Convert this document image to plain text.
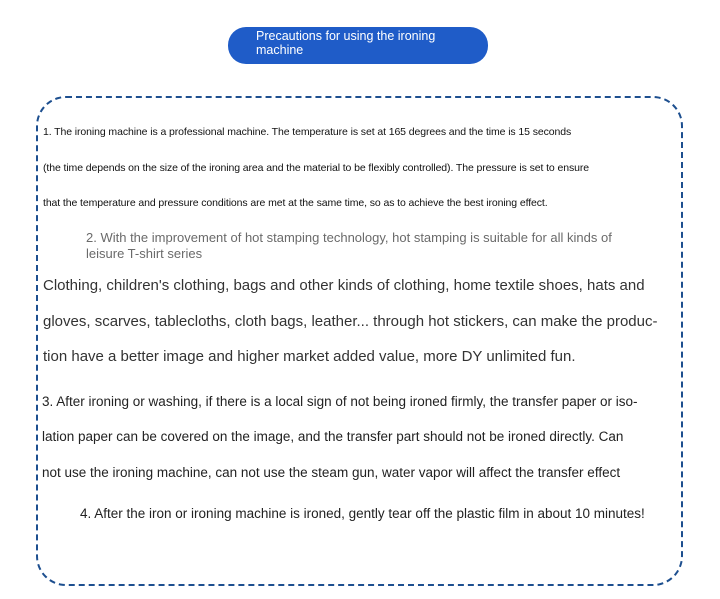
Precautions for using the ironing
machine

1. The ironing machine is a professional machine. The temperature is set at 165 degrees and the time is 15 seconds

(the time depends on the size of the ironing area and the material to be flexibly controlled). The pressure is set to ensure

that the temperature and pressure conditions are met at the same time, so as to achieve the best ironing effect.

2. With the improvement of hot stamping technology, hot stamping is suitable for all kinds of

leisure T-shirt series

Clothing, children's clothing, bags and other kinds of clothing, home textile shoes, hats and

gloves, scarves, tablecloths, cloth bags, leather... through hot stickers, can make the produc-

tion have a better image and higher market added value, more DY unlimited fun.

3. After ironing or washing, if there is a local sign of not being ironed firmly, the transfer paper or iso-

lation paper can be covered on the image, and the transfer part should not be ironed directly. Can

not use the ironing machine, can not use the steam gun, water vapor will affect the transfer effect

4. After the iron or ironing machine is ironed, gently tear off the plastic film in about 10 minutes!
